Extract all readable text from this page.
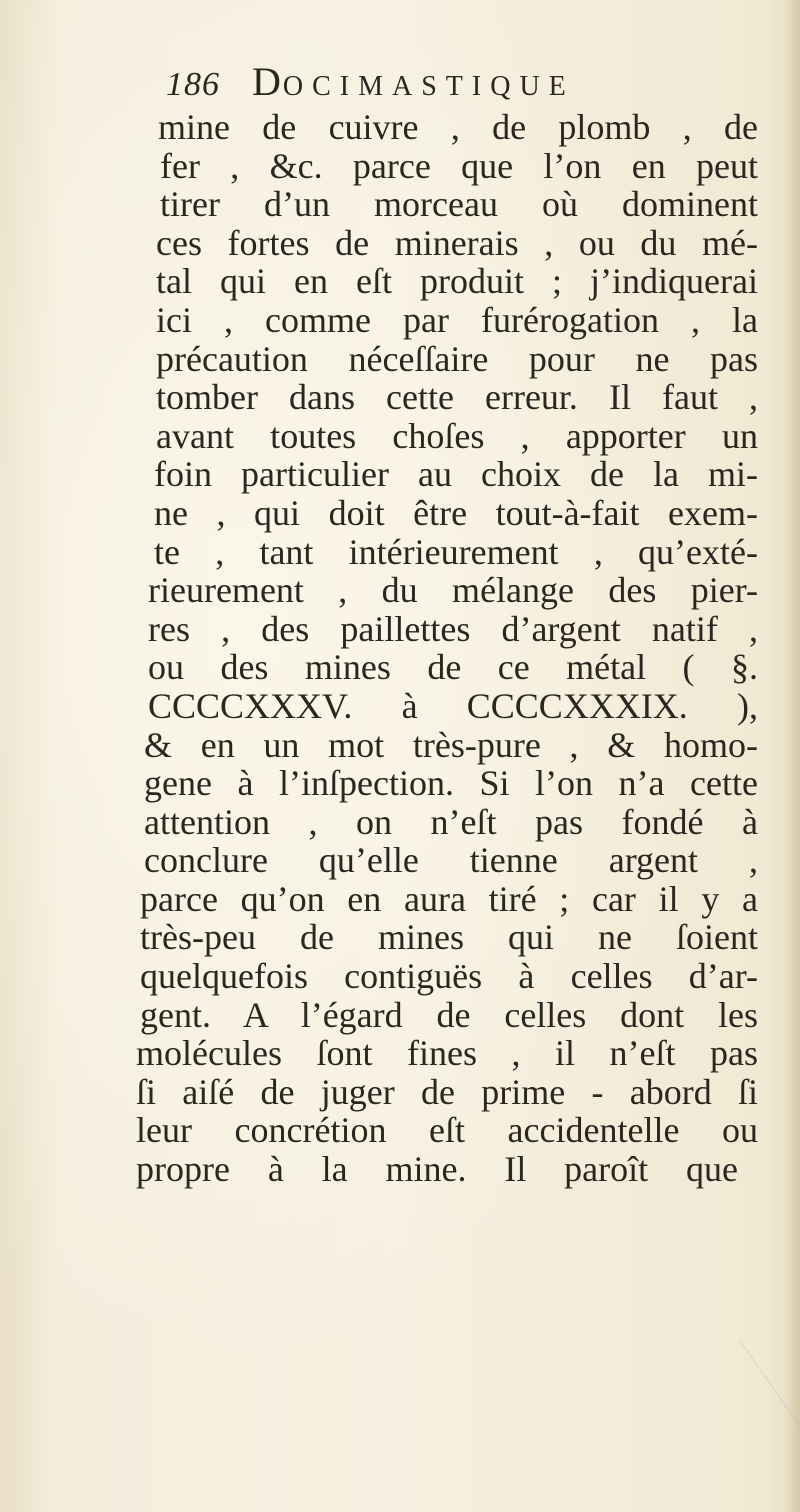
186 DOCIMASTIQUE
mine de cuivre , de plomb , de
fer , &c. parce que l’on en peut
tirer d’un morceau où dominent
ces fortes de minerais , ou du mé-
tal qui en eſt produit ; j’indiquerai
ici , comme par furérogation , la
précaution néceſſaire pour ne pas
tomber dans cette erreur. Il faut ,
avant toutes choſes , apporter un
foin particulier au choix de la mi-
ne , qui doit être tout-à-fait exem-
te , tant intérieurement , qu’exté-
rieurement , du mélange des pier-
res , des paillettes d’argent natif ,
ou des mines de ce métal ( §.
CCCCXXXV. à CCCCXXXIX. ),
& en un mot très-pure , & homo-
gene à l’inſpection. Si l’on n’a cette
attention , on n’eſt pas fondé à
conclure qu’elle tienne argent ,
parce qu’on en aura tiré ; car il y a
très-peu de mines qui ne ſoient
quelquefois contiguës à celles d’ar-
gent. A l’égard de celles dont les
molécules ſont fines , il n’eſt pas
ſi aiſé de juger de prime - abord ſi
leur concrétion eſt accidentelle ou
propre à la mine. Il paroît que
